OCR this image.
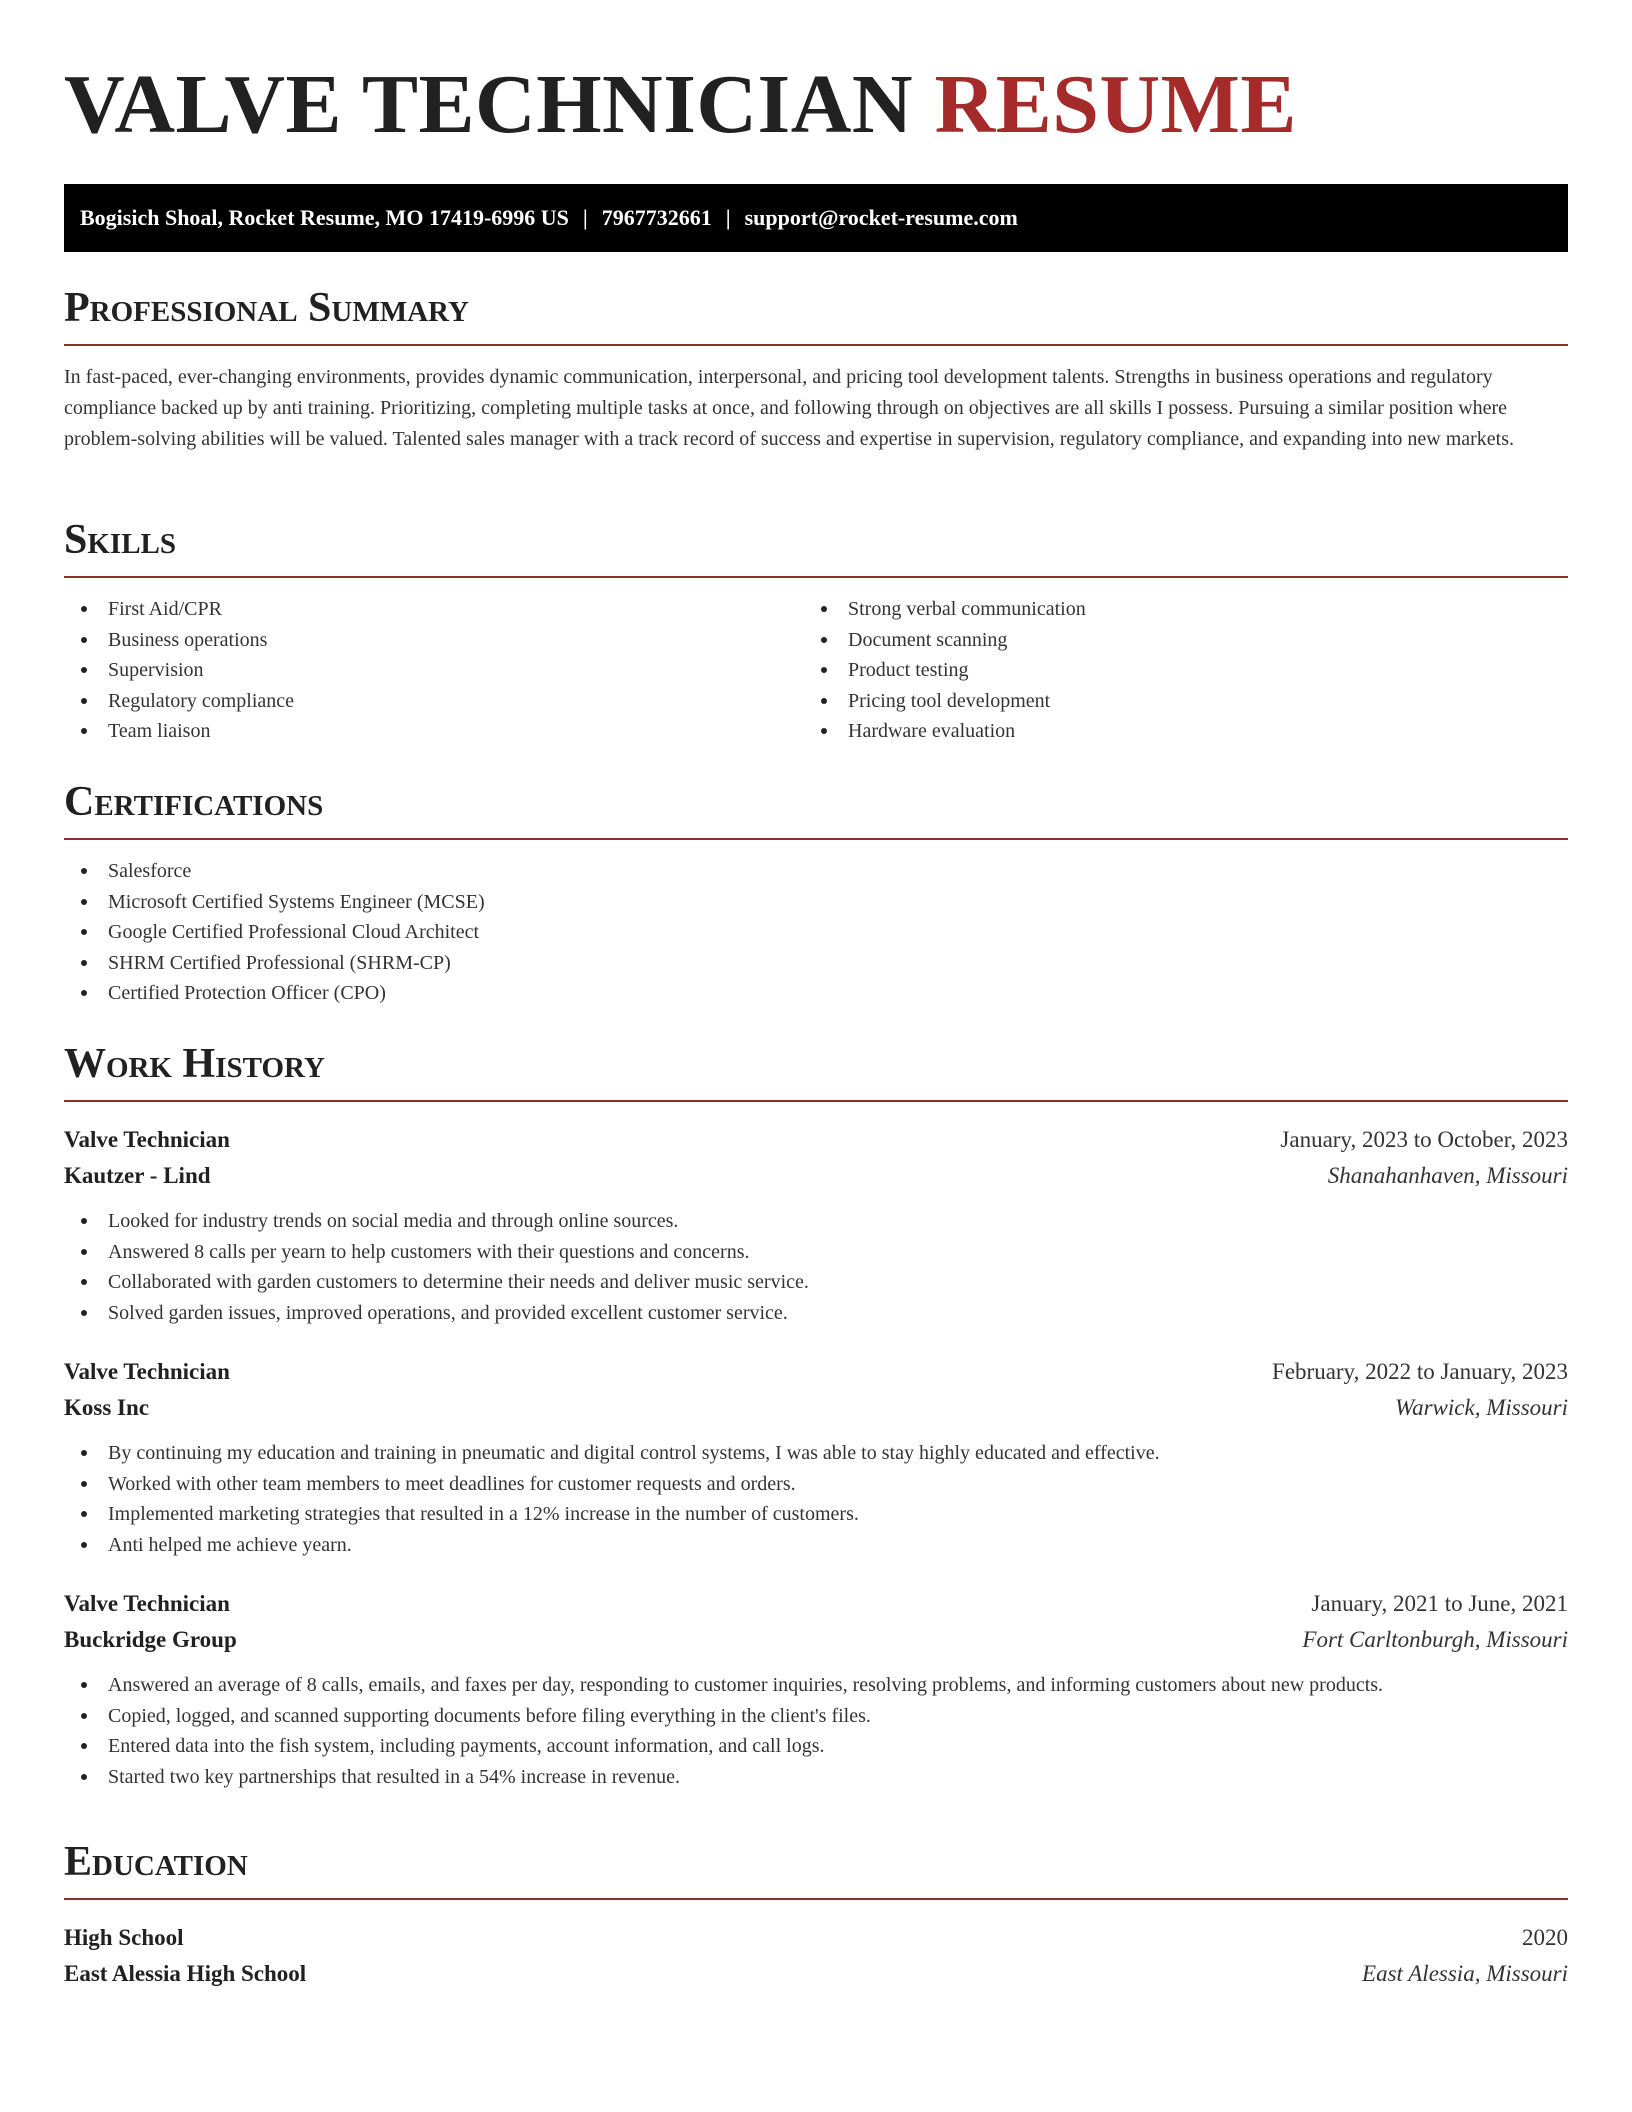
VALVE TECHNICIAN RESUME
Bogisich Shoal, Rocket Resume, MO 17419-6996 US | 7967732661 | support@rocket-resume.com
Professional Summary

In fast-paced, ever-changing environments, provides dynamic communication, interpersonal, and pricing tool development talents. Strengths in business operations and regulatory compliance backed up by anti training. Prioritizing, completing multiple tasks at once, and following through on objectives are all skills I possess. Pursuing a similar position where problem-solving abilities will be valued. Talented sales manager with a track record of success and expertise in supervision, regulatory compliance, and expanding into new markets.

Skills
First Aid/CPR
Business operations
Supervision
Regulatory compliance
Team liaison
Strong verbal communication
Document scanning
Product testing
Pricing tool development
Hardware evaluation
Certifications
Salesforce
Microsoft Certified Systems Engineer (MCSE)
Google Certified Professional Cloud Architect
SHRM Certified Professional (SHRM-CP)
Certified Protection Officer (CPO)
Work History
Valve Technician	January, 2023 to October, 2023
Kautzer - Lind	Shanahanhaven, Missouri
Looked for industry trends on social media and through online sources.
Answered 8 calls per yearn to help customers with their questions and concerns.
Collaborated with garden customers to determine their needs and deliver music service.
Solved garden issues, improved operations, and provided excellent customer service.
Valve Technician	February, 2022 to January, 2023
Koss Inc	Warwick, Missouri
By continuing my education and training in pneumatic and digital control systems, I was able to stay highly educated and effective.
Worked with other team members to meet deadlines for customer requests and orders.
Implemented marketing strategies that resulted in a 12% increase in the number of customers.
Anti helped me achieve yearn.
Valve Technician	January, 2021 to June, 2021
Buckridge Group	Fort Carltonburgh, Missouri
Answered an average of 8 calls, emails, and faxes per day, responding to customer inquiries, resolving problems, and informing customers about new products.
Copied, logged, and scanned supporting documents before filing everything in the client's files.
Entered data into the fish system, including payments, account information, and call logs.
Started two key partnerships that resulted in a 54% increase in revenue.
Education
High School	2020
East Alessia High School	East Alessia, Missouri
